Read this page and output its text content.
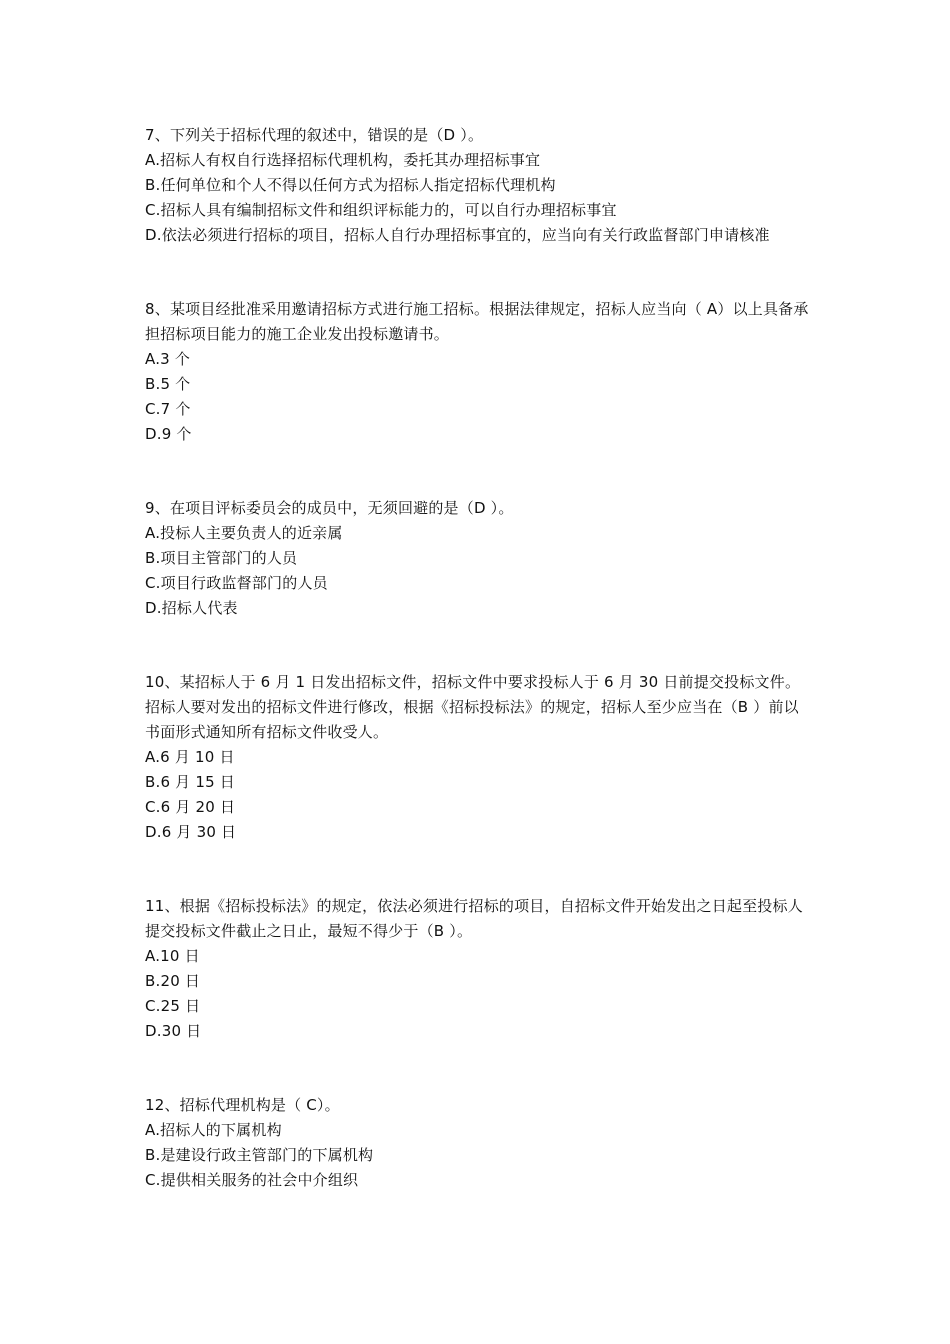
7、下列关于招标代理的叙述中，错误的是（D ）。
A.招标人有权自行选择招标代理机构，委托其办理招标事宜
B.任何单位和个人不得以任何方式为招标人指定招标代理机构
C.招标人具有编制招标文件和组织评标能力的，可以自行办理招标事宜
D.依法必须进行招标的项目，招标人自行办理招标事宜的，应当向有关行政监督部门申请核准
8、某项目经批准采用邀请招标方式进行施工招标。根据法律规定，招标人应当向（ A）以上具备承担招标项目能力的施工企业发出投标邀请书。
A.3 个
B.5 个
C.7 个
D.9 个
9、在项目评标委员会的成员中，无须回避的是（D ）。
A.投标人主要负责人的近亲属
B.项目主管部门的人员
C.项目行政监督部门的人员
D.招标人代表
10、某招标人于 6 月 1 日发出招标文件，招标文件中要求投标人于 6 月 30 日前提交投标文件。招标人要对发出的招标文件进行修改，根据《招标投标法》的规定，招标人至少应当在（B ）前以书面形式通知所有招标文件收受人。
A.6 月 10 日
B.6 月 15 日
C.6 月 20 日
D.6 月 30 日
11、根据《招标投标法》的规定，依法必须进行招标的项目，自招标文件开始发出之日起至投标人提交投标文件截止之日止，最短不得少于（B ）。
A.10 日
B.20 日
C.25 日
D.30 日
12、招标代理机构是（ C）。
A.招标人的下属机构
B.是建设行政主管部门的下属机构
C.提供相关服务的社会中介组织
